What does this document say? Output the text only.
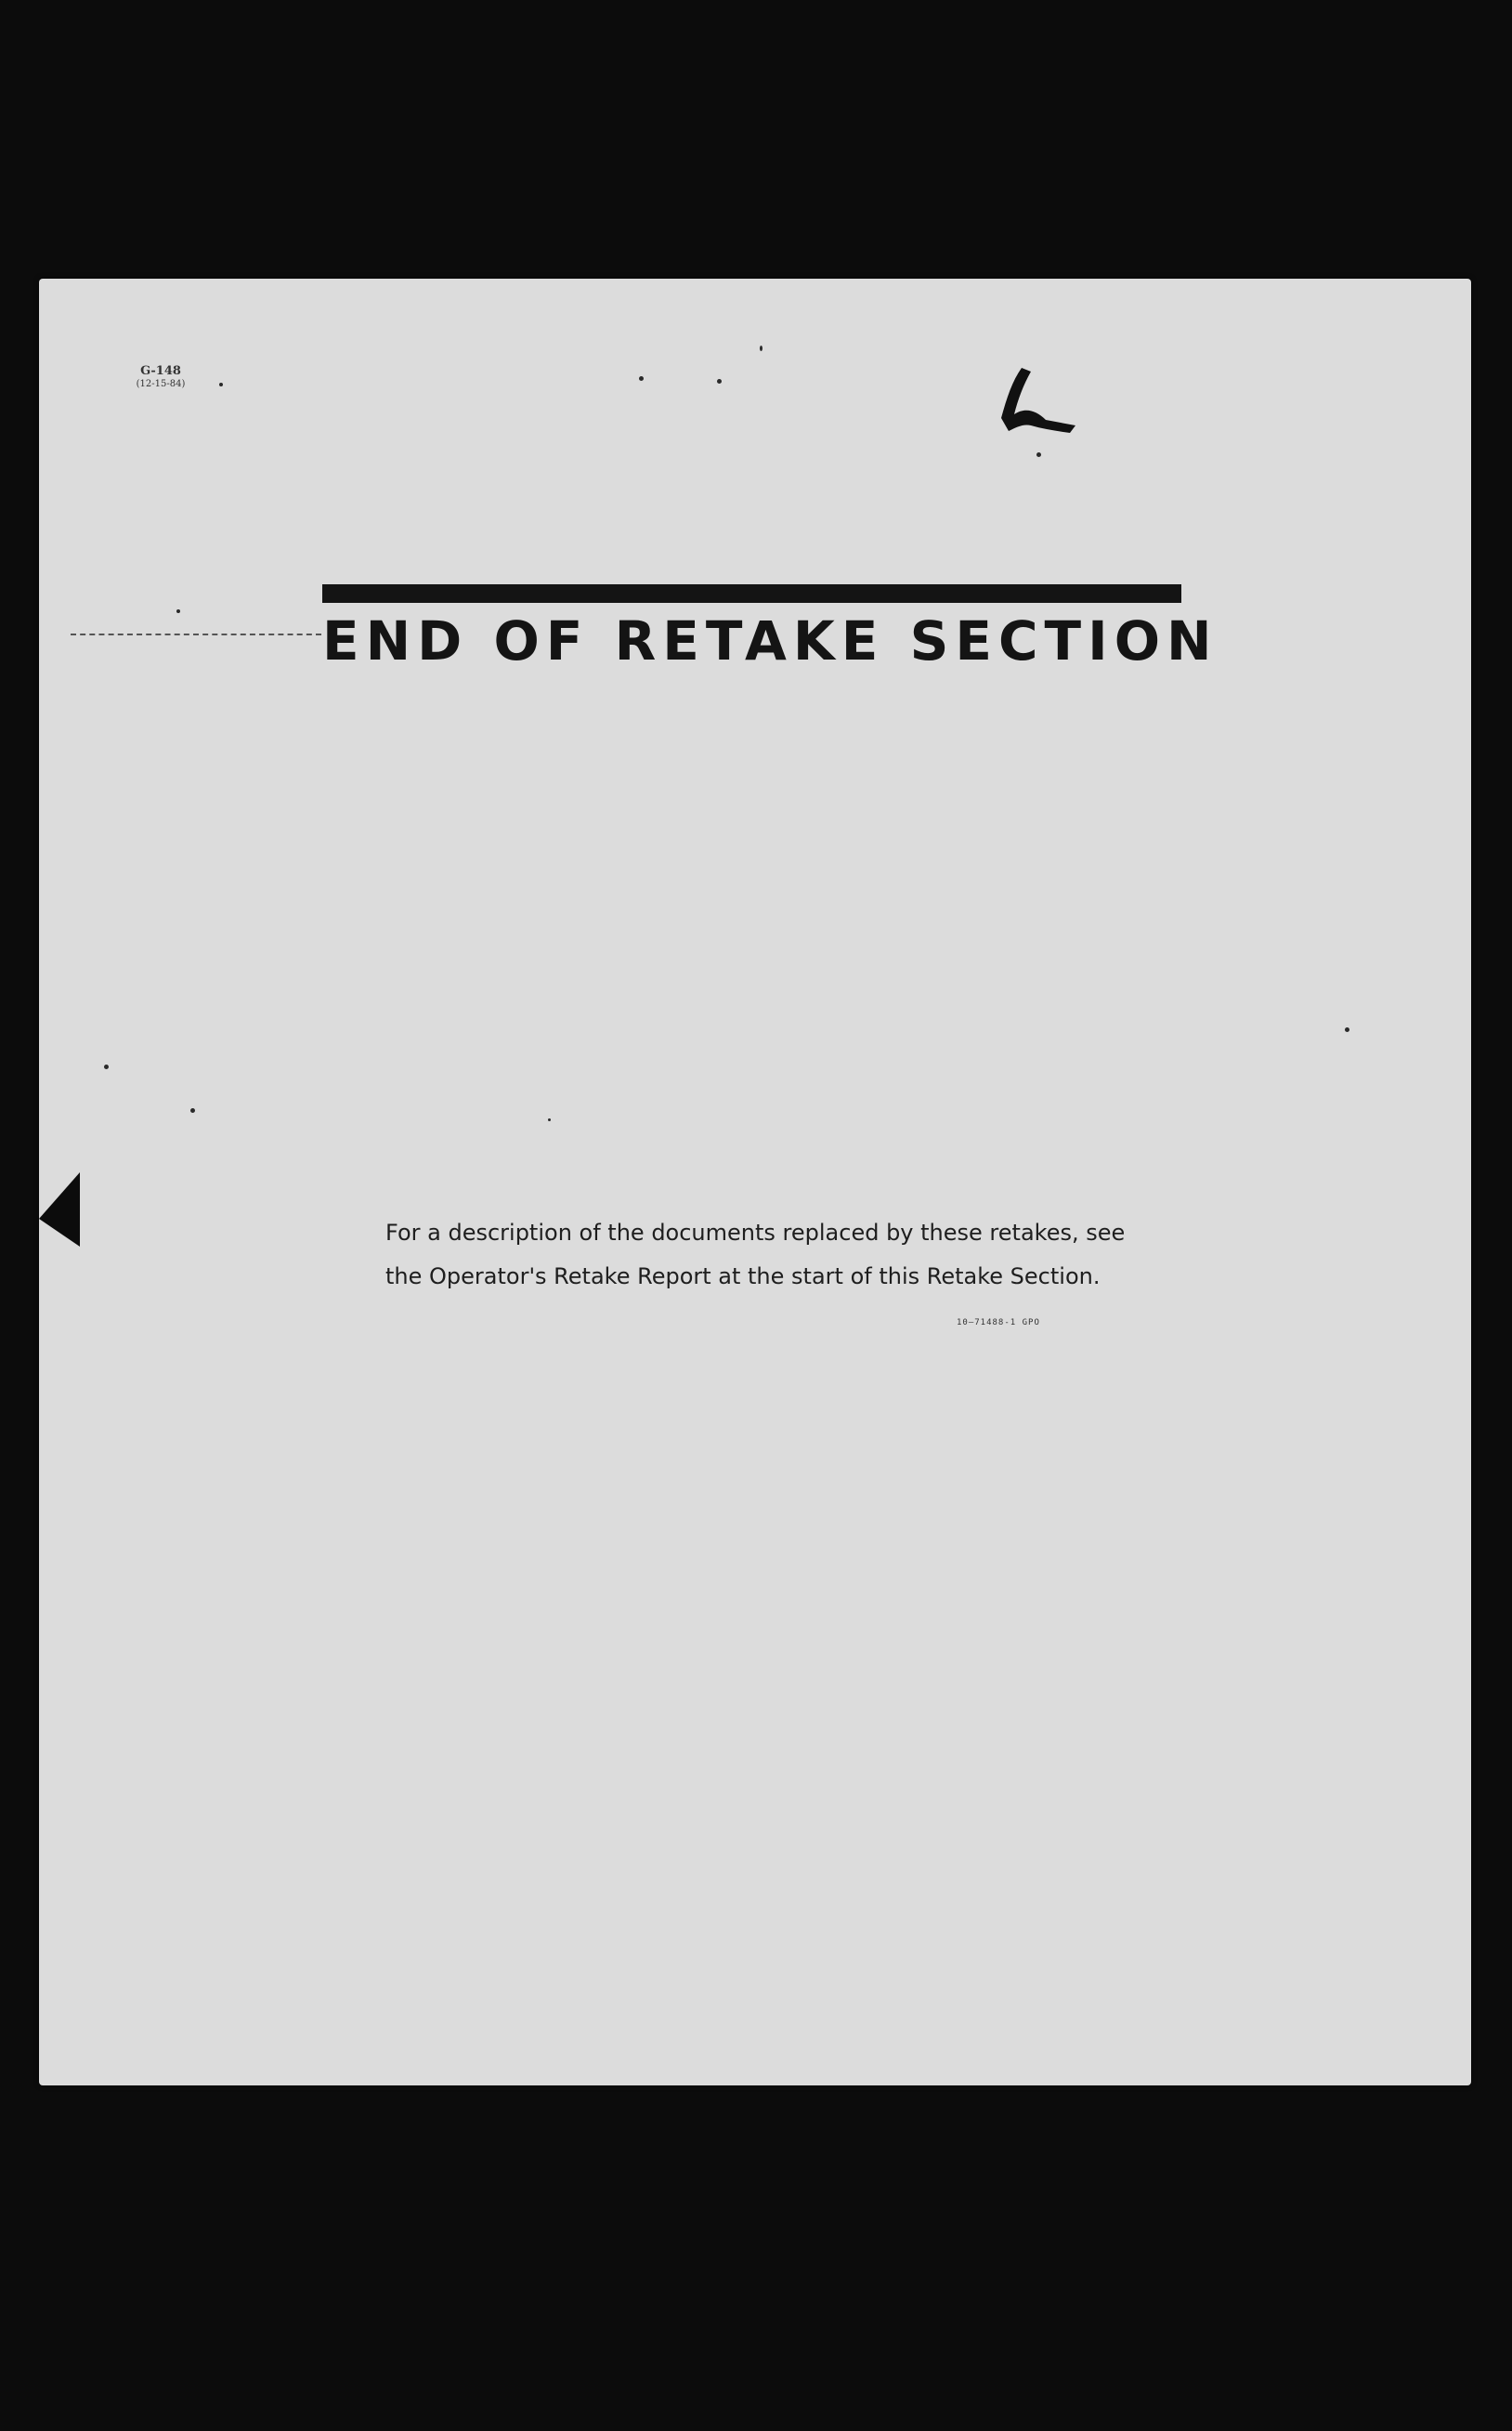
G-148
(12-15-84)
END OF RETAKE SECTION

For a description of the documents replaced by these retakes, see the Operator's Retake Report at the start of this Retake Section.

10—71488-1 GPO
